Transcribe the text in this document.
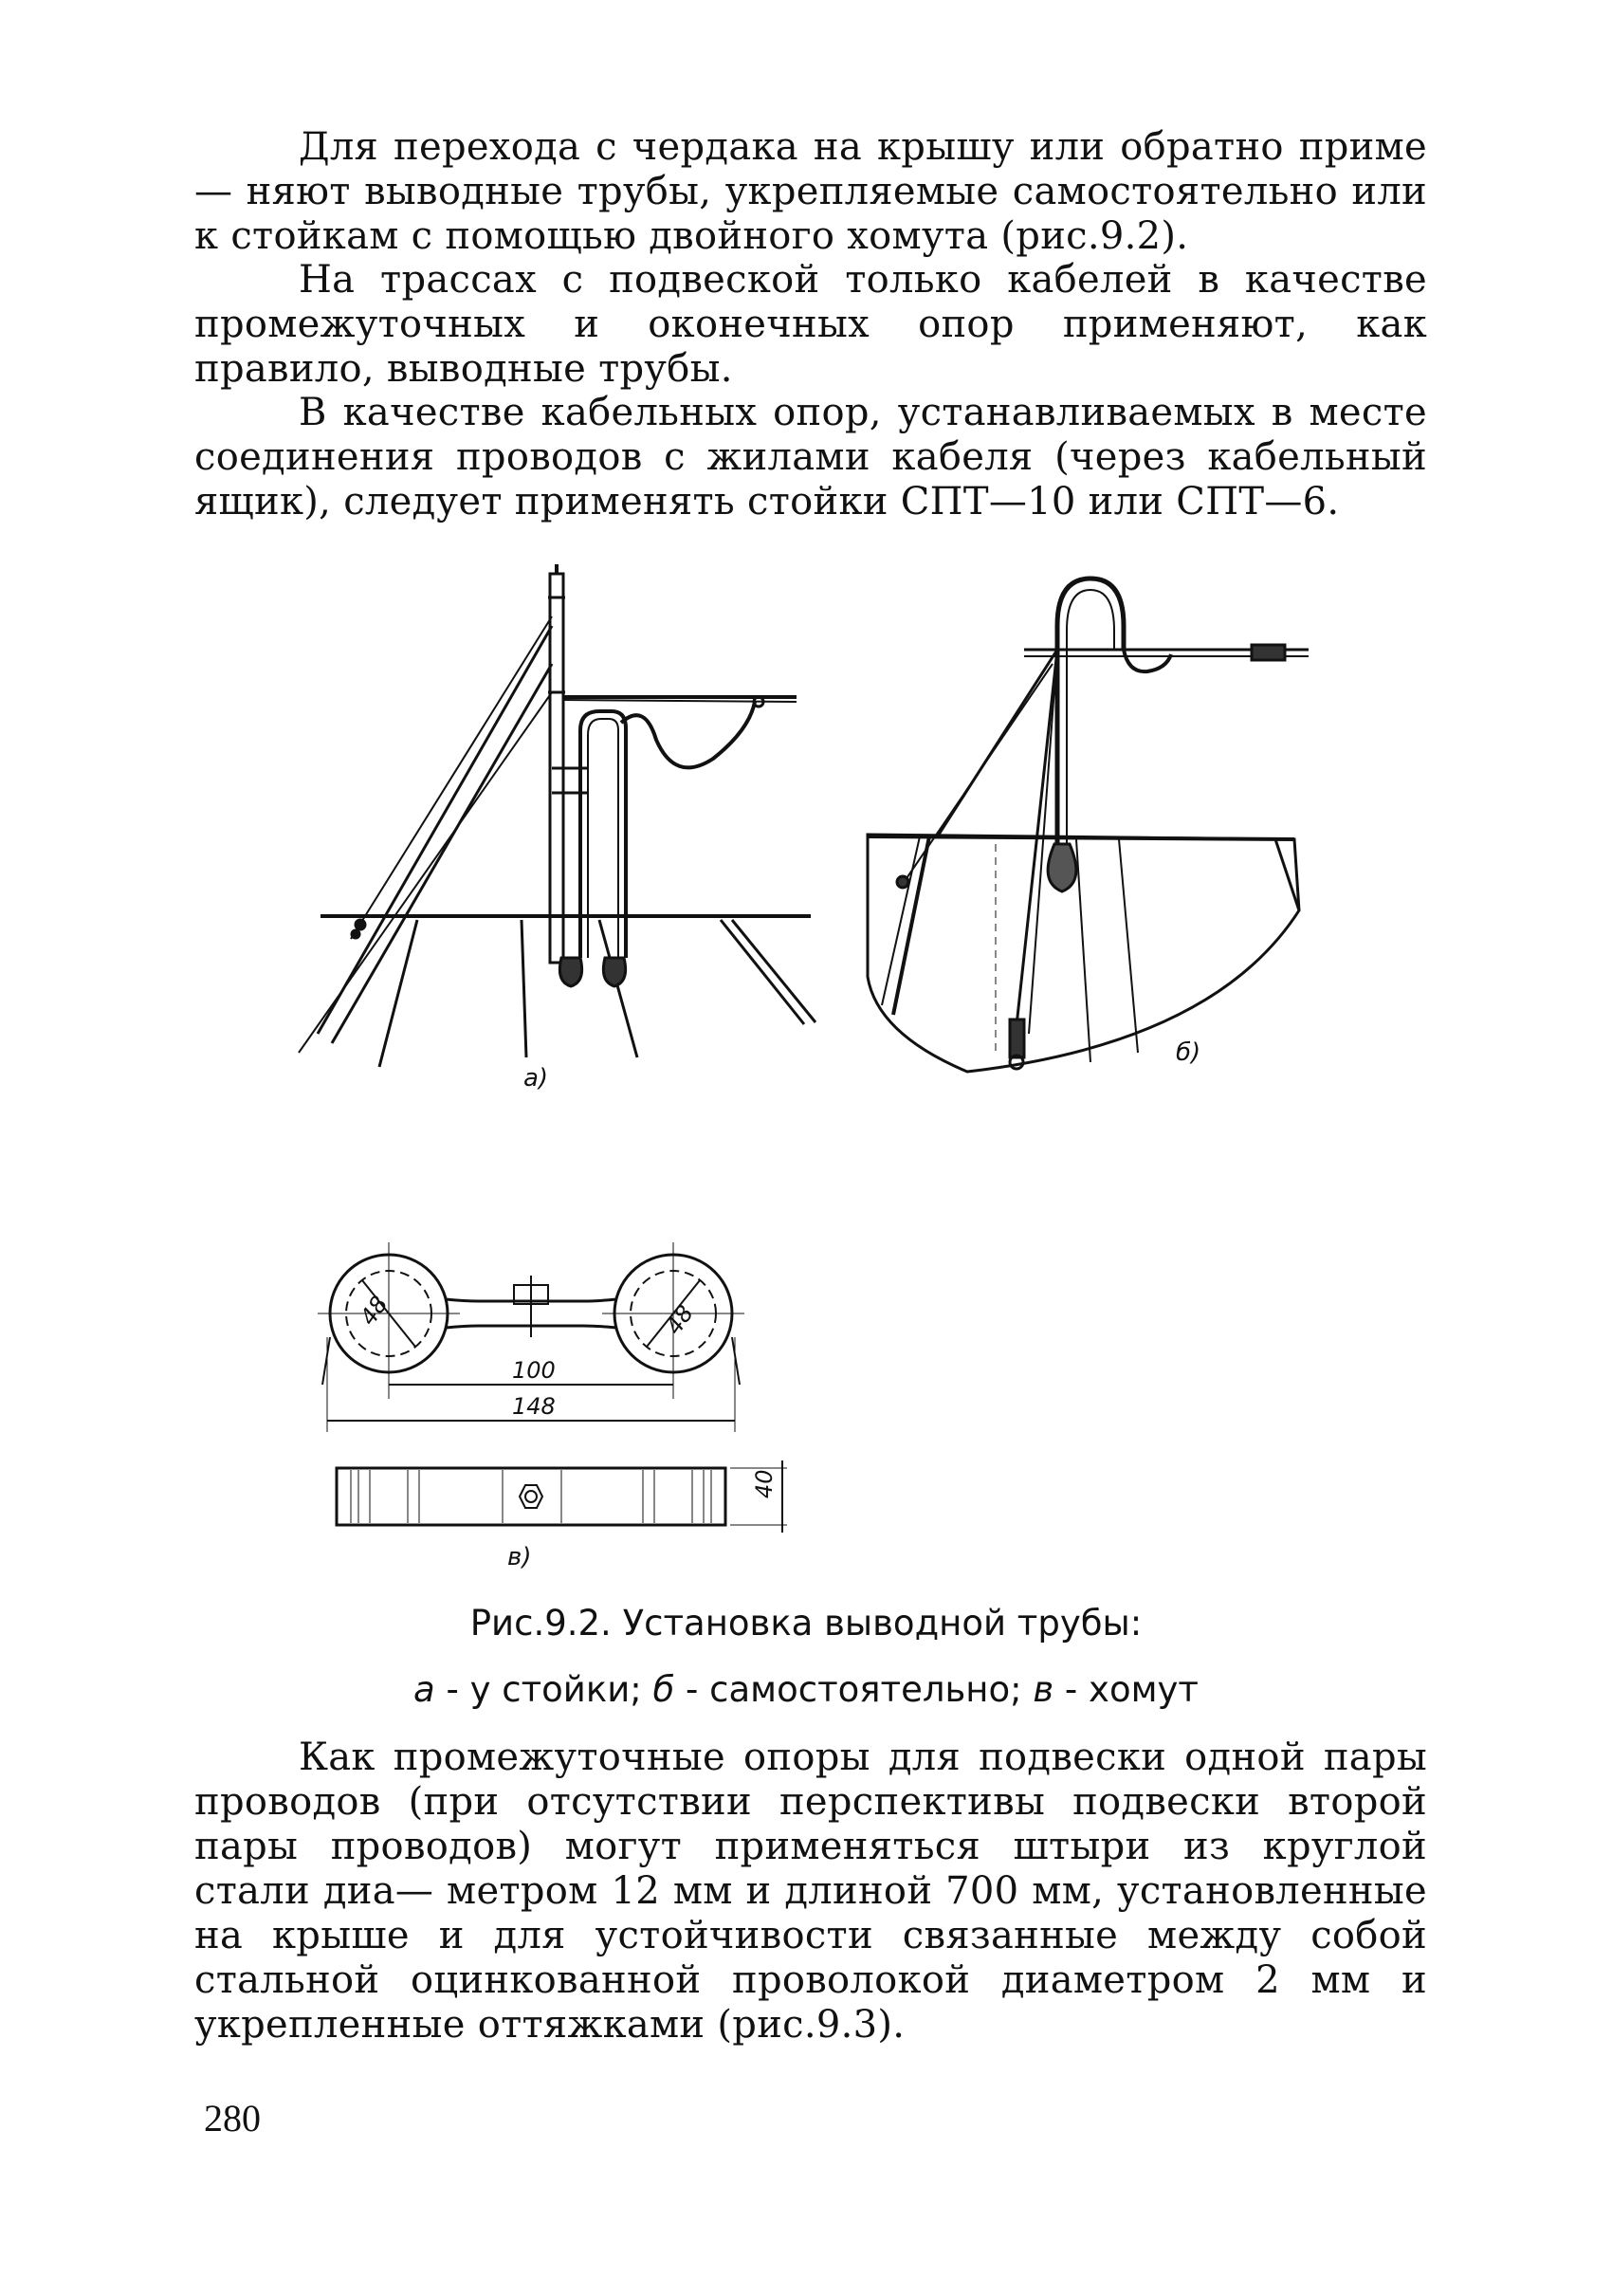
Для перехода с чердака на крышу или обратно приме— няют выводные трубы, укрепляемые самостоятельно или к стойкам с помощью двойного хомута (рис.9.2).

На трассах с подвеской только кабелей в качестве промежуточных и оконечных опор применяют, как правило, выводные трубы.

В качестве кабельных опор, устанавливаемых в месте соединения проводов с жилами кабеля (через кабельный ящик), следует применять стойки СПТ—10 или СПТ—6.

а)
б)
48	48
100
148
40
в)

Рис.9.2. Установка выводной трубы:

а - у стойки; б - самостоятельно; в - хомут

Как промежуточные опоры для подвески одной пары проводов (при отсутствии перспективы подвески второй пары проводов) могут применяться штыри из круглой стали диа— метром 12 мм и длиной 700 мм, установленные на крыше и для устойчивости связанные между собой стальной оцинкованной проволокой диаметром 2 мм и укрепленные оттяжками (рис.9.3).

280
